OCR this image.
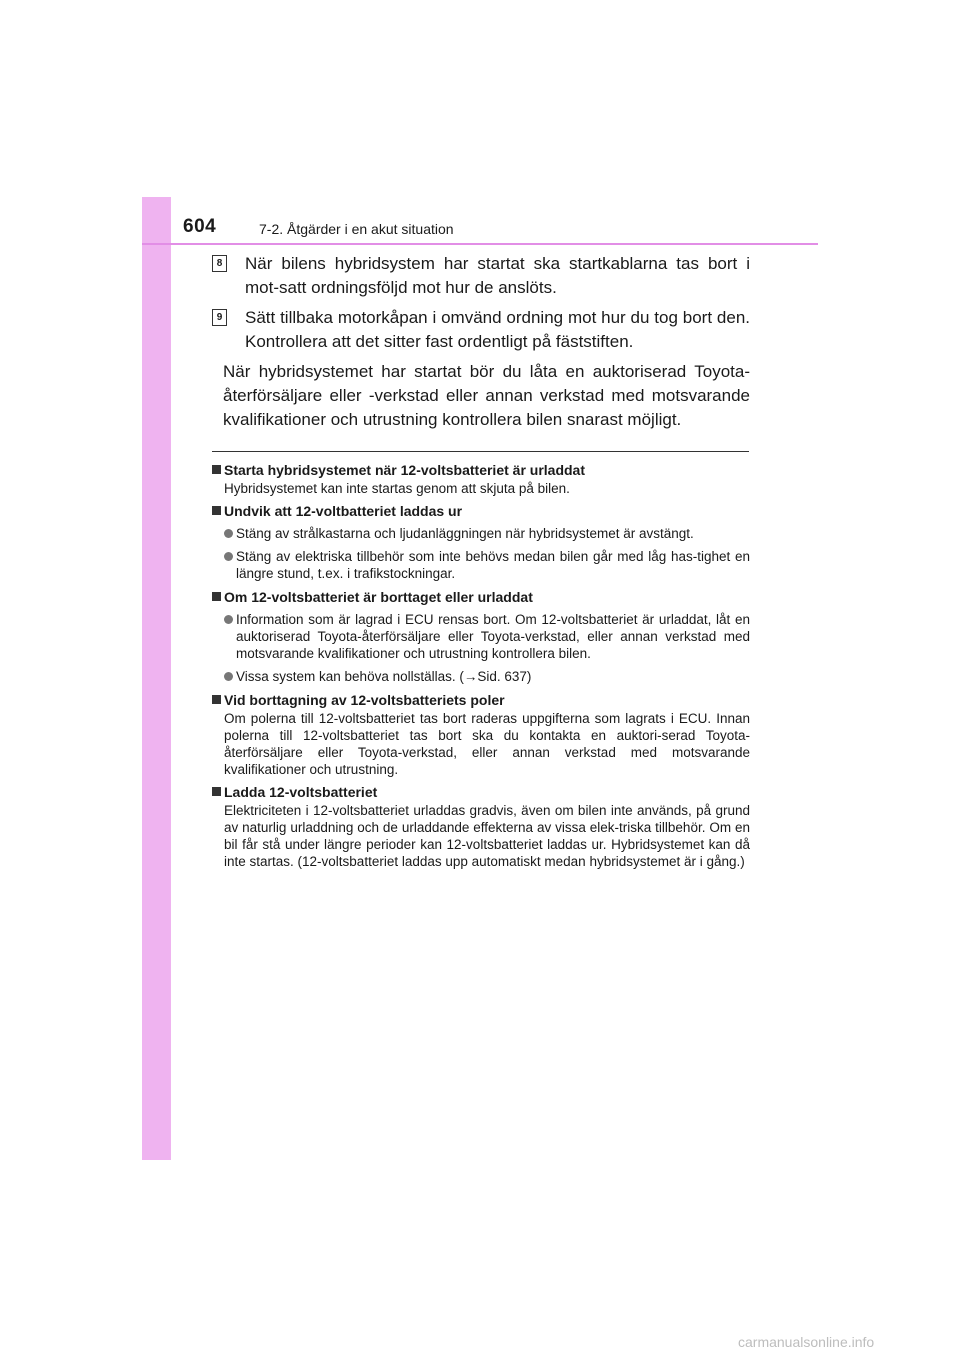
604	7-2. Åtgärder i en akut situation
8 När bilens hybridsystem har startat ska startkablarna tas bort i mot-satt ordningsföljd mot hur de anslöts.
9 Sätt tillbaka motorkåpan i omvänd ordning mot hur du tog bort den. Kontrollera att det sitter fast ordentligt på fäststiften.
När hybridsystemet har startat bör du låta en auktoriserad Toyota-återförsäljare eller -verkstad eller annan verkstad med motsvarande kvalifikationer och utrustning kontrollera bilen snarast möjligt.
Starta hybridsystemet när 12-voltsbatteriet är urladdat
Hybridsystemet kan inte startas genom att skjuta på bilen.
Undvik att 12-voltbatteriet laddas ur
Stäng av strålkastarna och ljudanläggningen när hybridsystemet är avstängt.
Stäng av elektriska tillbehör som inte behövs medan bilen går med låg has-tighet en längre stund, t.ex. i trafikstockningar.
Om 12-voltsbatteriet är borttaget eller urladdat
Information som är lagrad i ECU rensas bort. Om 12-voltsbatteriet är urladdat, låt en auktoriserad Toyota-återförsäljare eller Toyota-verkstad, eller annan verkstad med motsvarande kvalifikationer och utrustning kontrollera bilen.
Vissa system kan behöva nollställas. (→Sid. 637)
Vid borttagning av 12-voltsbatteriets poler
Om polerna till 12-voltsbatteriet tas bort raderas uppgifterna som lagrats i ECU. Innan polerna till 12-voltsbatteriet tas bort ska du kontakta en auktori-serad Toyota-återförsäljare eller Toyota-verkstad, eller annan verkstad med motsvarande kvalifikationer och utrustning.
Ladda 12-voltsbatteriet
Elektriciteten i 12-voltsbatteriet urladdas gradvis, även om bilen inte används, på grund av naturlig urladdning och de urladdande effekterna av vissa elek-triska tillbehör. Om en bil får stå under längre perioder kan 12-voltsbatteriet laddas ur. Hybridsystemet kan då inte startas. (12-voltsbatteriet laddas upp automatiskt medan hybridsystemet är i gång.)
carmanualsonline.info
